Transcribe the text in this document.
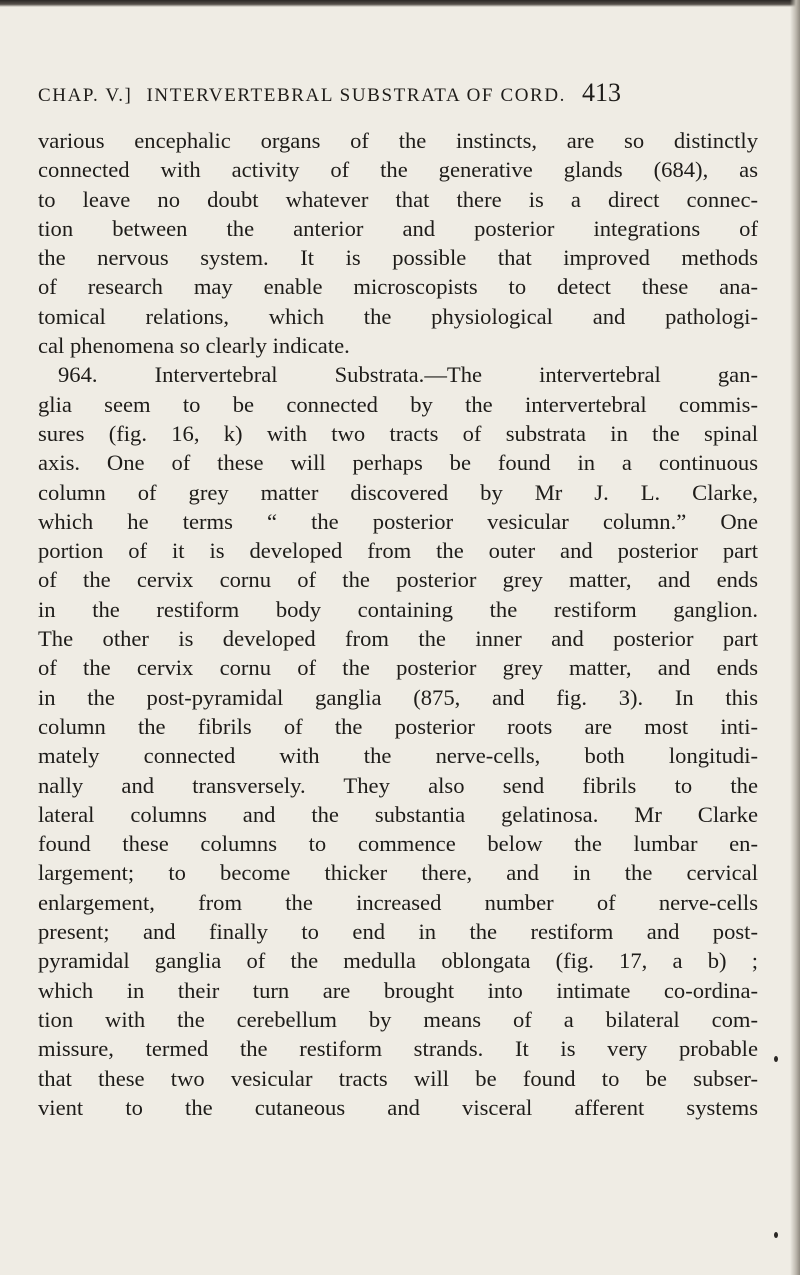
CHAP. V.] INTERVERTEBRAL SUBSTRATA OF CORD. 413
various encephalic organs of the instincts, are so distinctly
connected with activity of the generative glands (684), as
to leave no doubt whatever that there is a direct connec-
tion between the anterior and posterior integrations of
the nervous system. It is possible that improved methods
of research may enable microscopists to detect these ana-
tomical relations, which the physiological and pathologi-
cal phenomena so clearly indicate.
964. Intervertebral Substrata.—The intervertebral gan-
glia seem to be connected by the intervertebral commis-
sures (fig. 16, k) with two tracts of substrata in the spinal
axis. One of these will perhaps be found in a continuous
column of grey matter discovered by Mr J. L. Clarke,
which he terms “ the posterior vesicular column.” One
portion of it is developed from the outer and posterior part
of the cervix cornu of the posterior grey matter, and ends
in the restiform body containing the restiform ganglion.
The other is developed from the inner and posterior part
of the cervix cornu of the posterior grey matter, and ends
in the post-pyramidal ganglia (875, and fig. 3). In this
column the fibrils of the posterior roots are most inti-
mately connected with the nerve-cells, both longitudi-
nally and transversely. They also send fibrils to the
lateral columns and the substantia gelatinosa. Mr Clarke
found these columns to commence below the lumbar en-
largement; to become thicker there, and in the cervical
enlargement, from the increased number of nerve-cells
present; and finally to end in the restiform and post-
pyramidal ganglia of the medulla oblongata (fig. 17, a b) ;
which in their turn are brought into intimate co-ordina-
tion with the cerebellum by means of a bilateral com-
missure, termed the restiform strands. It is very probable
that these two vesicular tracts will be found to be subser-
vient to the cutaneous and visceral afferent systems
